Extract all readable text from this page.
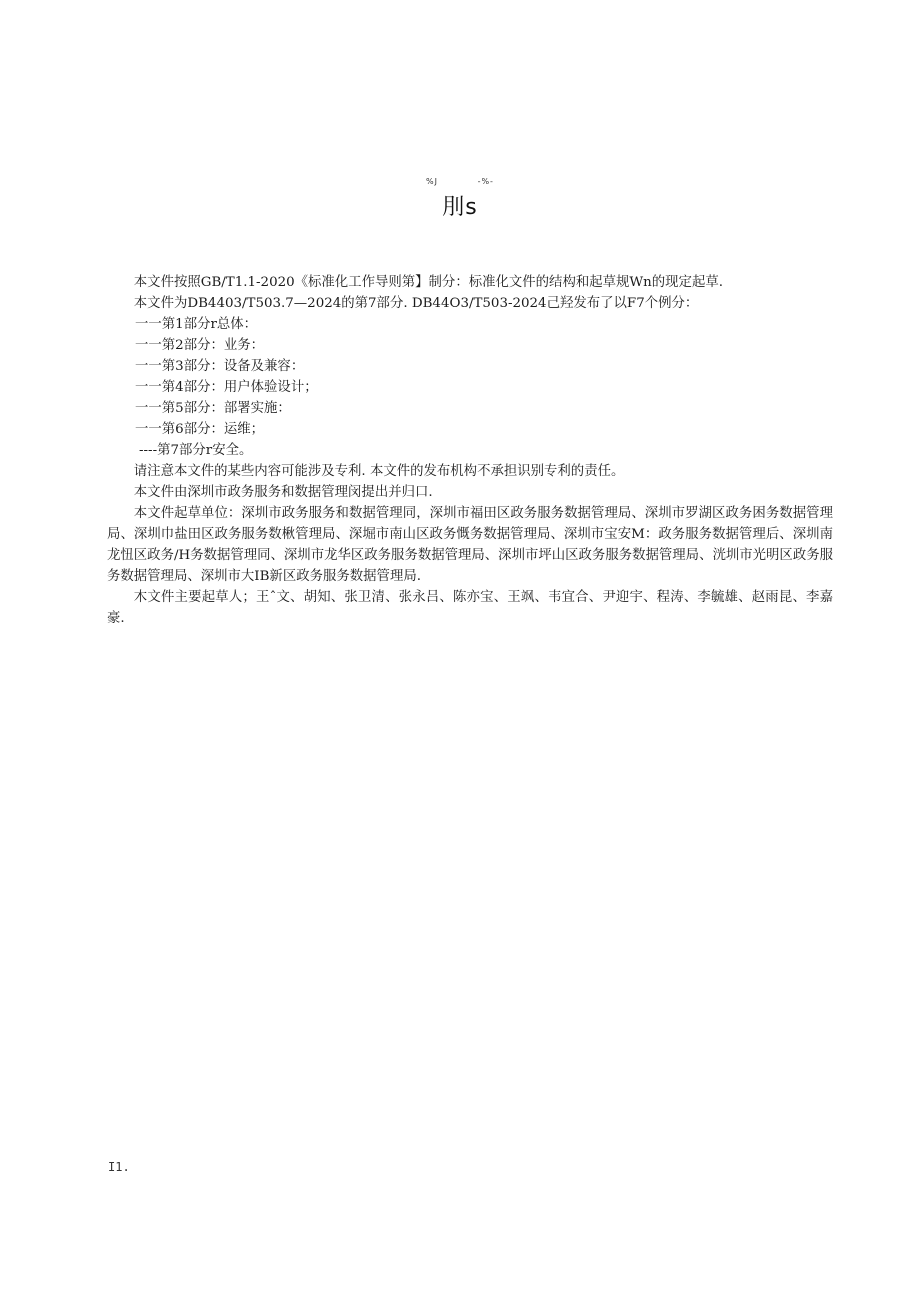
%J	-%-
刖s

本文件按照GB/T1.1-2020《标准化工作导则第】制分：标准化文件的结构和起草规Wn的现定起草.

本文件为DB4403/T503.7—2024的第7部分. DB44O3/T503-2024己羟发布了以F7个例分：

一一第1部分r总体：

一一第2部分：业务：

一一第3部分：设备及兼容：

一一第4部分：用户体验设计；

一一第5部分：部署实施：

一一第6部分：运维；

----第7部分r安全。

请注意本文件的某些内容可能涉及专利. 本文件的发布机构不承担识别专利的责任。

本文件由深圳市政务服务和数据管理闵提出并归口.

本文件起草单位：深圳市政务服务和数据管理同，深圳市福田区政务服务数据管理局、深圳市罗湖区政务困务数据管理局、深圳巾盐田区政务服务数楸管理局、深堀市南山区政务慨务数据管理局、深圳市宝安M：政务服务数据管理后、深圳南龙忸区政务/H务数据管理同、深圳市龙华区政务服务数据管理局、深圳市坪山区政务服务数据管理局、洸圳市光明区政务服务数据管理局、深圳市大IB新区政务服务数据管理局.

木文件主要起草人；王ˆ文、胡知、张卫清、张永吕、陈亦宝、王飒、韦宜合、尹迎宇、程涛、李毓雄、赵雨昆、李嘉豪.

I1.
